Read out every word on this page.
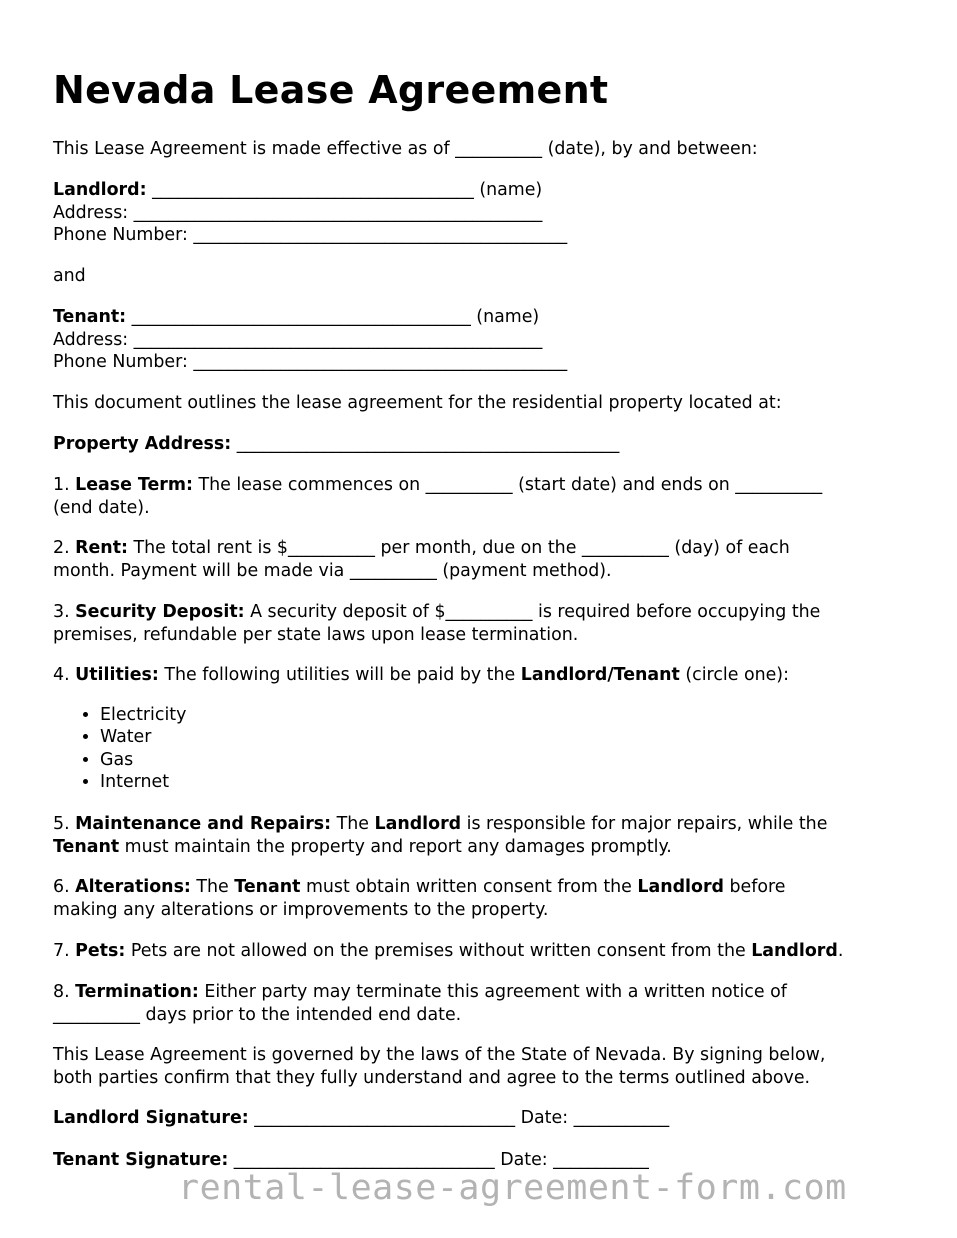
Nevada Lease Agreement
This Lease Agreement is made effective as of __________ (date), by and between:
Landlord: _____________________________________ (name)
Address: _______________________________________________
Phone Number: ___________________________________________
and
Tenant: _______________________________________ (name)
Address: _______________________________________________
Phone Number: ___________________________________________
This document outlines the lease agreement for the residential property located at:
Property Address: ____________________________________________
1. Lease Term: The lease commences on __________ (start date) and ends on __________
(end date).
2. Rent: The total rent is $__________ per month, due on the __________ (day) of each
month. Payment will be made via __________ (payment method).
3. Security Deposit: A security deposit of $__________ is required before occupying the
premises, refundable per state laws upon lease termination.
4. Utilities: The following utilities will be paid by the Landlord/Tenant (circle one):
• Electricity
• Water
• Gas
• Internet
5. Maintenance and Repairs: The Landlord is responsible for major repairs, while the
Tenant must maintain the property and report any damages promptly.
6. Alterations: The Tenant must obtain written consent from the Landlord before
making any alterations or improvements to the property.
7. Pets: Pets are not allowed on the premises without written consent from the Landlord.
8. Termination: Either party may terminate this agreement with a written notice of
__________ days prior to the intended end date.
This Lease Agreement is governed by the laws of the State of Nevada. By signing below,
both parties confirm that they fully understand and agree to the terms outlined above.
Landlord Signature: ______________________________ Date: ___________
Tenant Signature: ______________________________ Date: ___________
rental-lease-agreement-form.com
